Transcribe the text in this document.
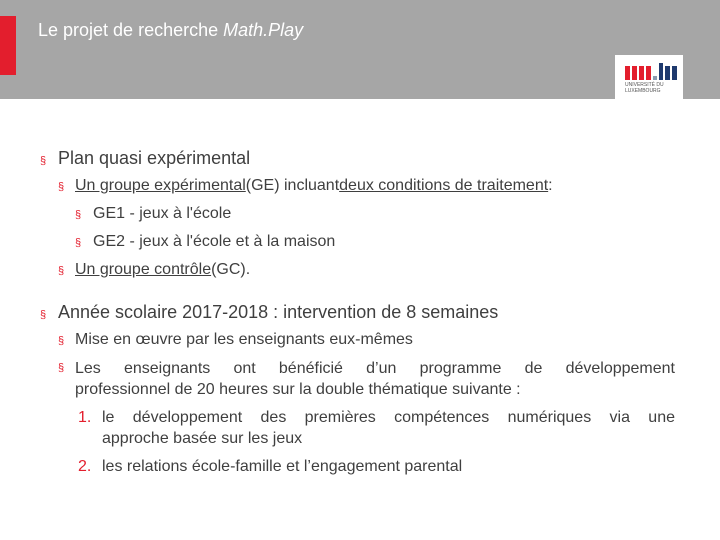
Le projet de recherche Math.Play
UNIVERSITÉ DU
LUXEMBOURG
§ Plan quasi expérimental
§ Un groupe expérimental (GE) incluant deux conditions de traitement :
§ GE1 - jeux à l'école
§ GE2 - jeux à l'école et à la maison
§ Un groupe contrôle (GC).
§ Année scolaire 2017-2018 : intervention de 8 semaines
§ Mise en œuvre par les enseignants eux-mêmes
§ Les enseignants ont bénéficié d’un programme de développement
professionnel de 20 heures sur la double thématique suivante :
1. le développement des premières compétences numériques via une
approche basée sur les jeux
2. les relations école-famille et l’engagement parental
